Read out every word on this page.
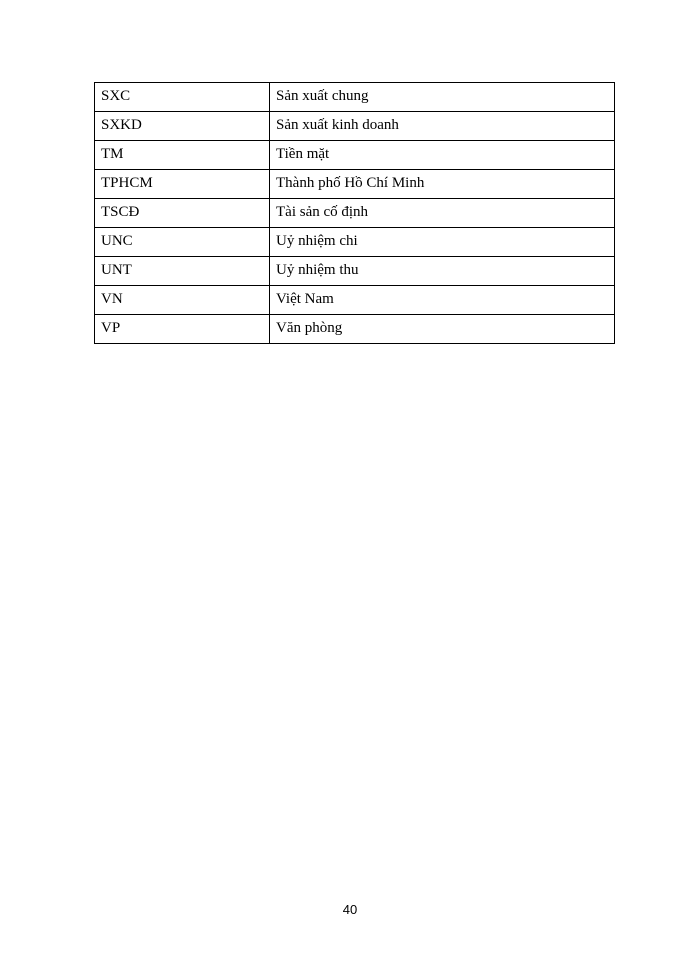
SXC	Sản xuất chung
SXKD	Sản xuất kinh doanh
TM	Tiền mặt
TPHCM	Thành phố Hồ Chí Minh
TSCĐ	Tài sản cố định
UNC	Uỷ nhiệm chi
UNT	Uỷ nhiệm thu
VN	Việt Nam
VP	Văn phòng
40
